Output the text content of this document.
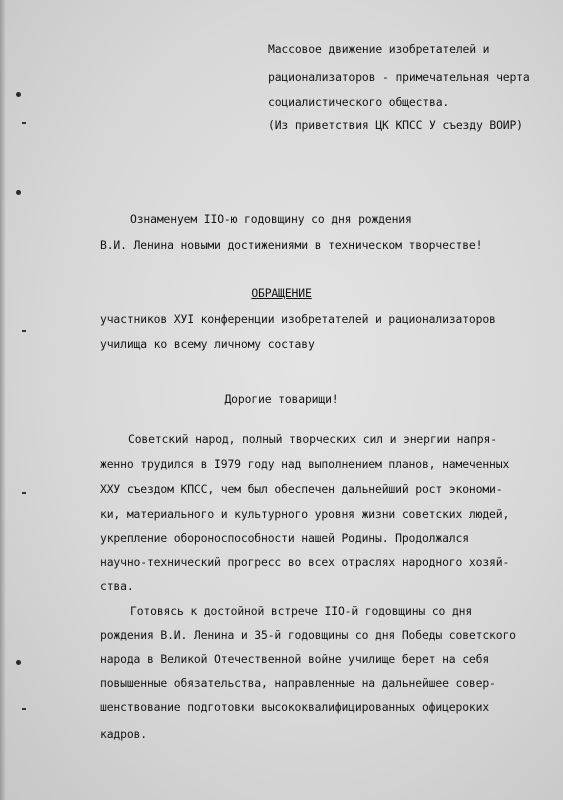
Массовое движение изобретателей и
рационализаторов - примечательная черта
социалистического общества.
(Из приветствия ЦК КПСС У съезду ВОИР)
Ознаменуем IIO-ю годовщину со дня рождения
В.И. Ленина новыми достижениями в техническом творчестве!
ОБРАЩЕНИЕ
участников ХУI конференции изобретателей и рационализаторов
училища ко всему личному составу
Дорогие товарищи!
Советский народ, полный творческих сил и энергии напря-
женно трудился в I979 году над выполнением планов, намеченных
ХХУ съездом КПСС, чем был обеспечен дальнейший рост экономи-
ки, материального и культурного уровня жизни советских людей,
укрепление обороноспособности нашей Родины. Продолжался
научно-технический прогресс во всех отраслях народного хозяй-
ства.
Готовясь к достойной встрече IIO-й годовщины со дня
рождения В.И. Ленина и 35-й годовщины со дня Победы советского
народа в Великой Отечественной войне училище берет на себя
повышенные обязательства, направленные на дальнейшее совер-
шенствование подготовки высококвалифицированных офицероких
кадров.
